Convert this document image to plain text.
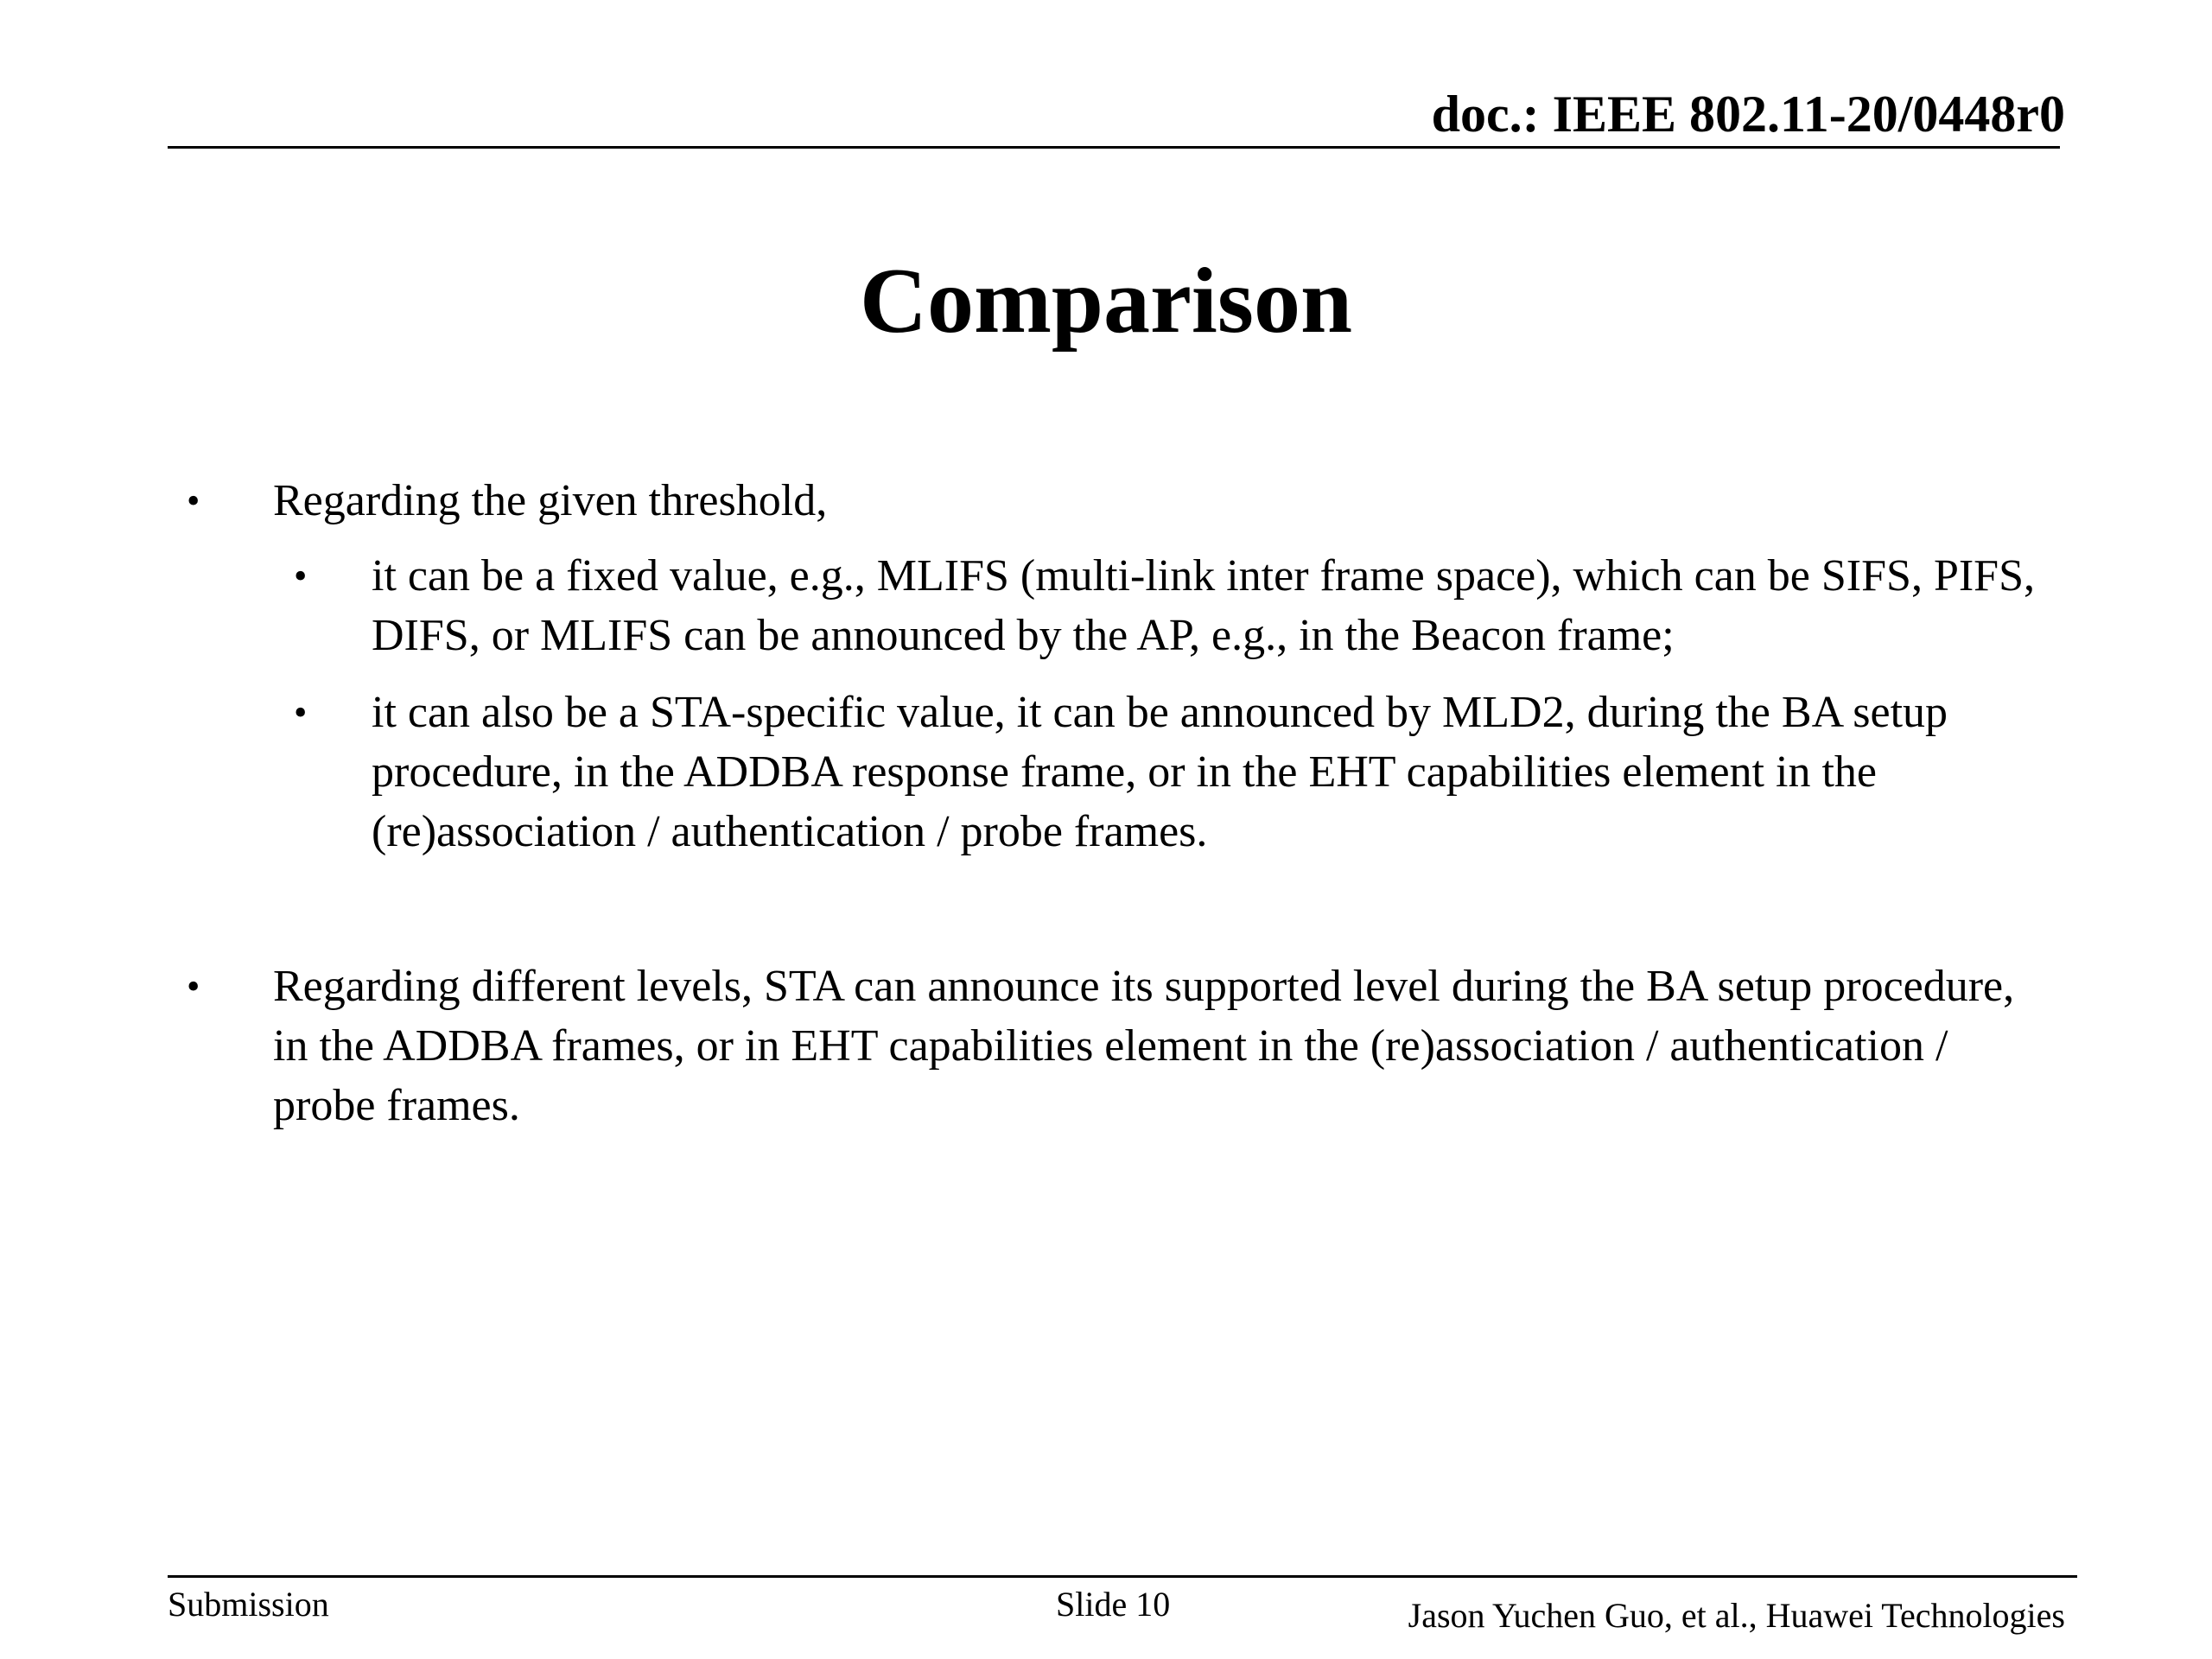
doc.: IEEE 802.11-20/0448r0
Comparison
•	Regarding the given threshold,
•	it can be a fixed value, e.g., MLIFS (multi-link inter frame space), which can be SIFS, PIFS, DIFS, or MLIFS can be announced by the AP, e.g., in the Beacon frame;
•	it can also be a STA-specific value, it can be announced by MLD2, during the BA setup procedure, in the ADDBA response frame, or in the EHT capabilities element in the (re)association / authentication / probe frames.
•	Regarding different levels, STA can announce its supported level during the BA setup procedure, in the ADDBA frames, or in EHT capabilities element in the (re)association / authentication / probe frames.
Submission	Slide 10	Jason Yuchen Guo, et al., Huawei Technologies
